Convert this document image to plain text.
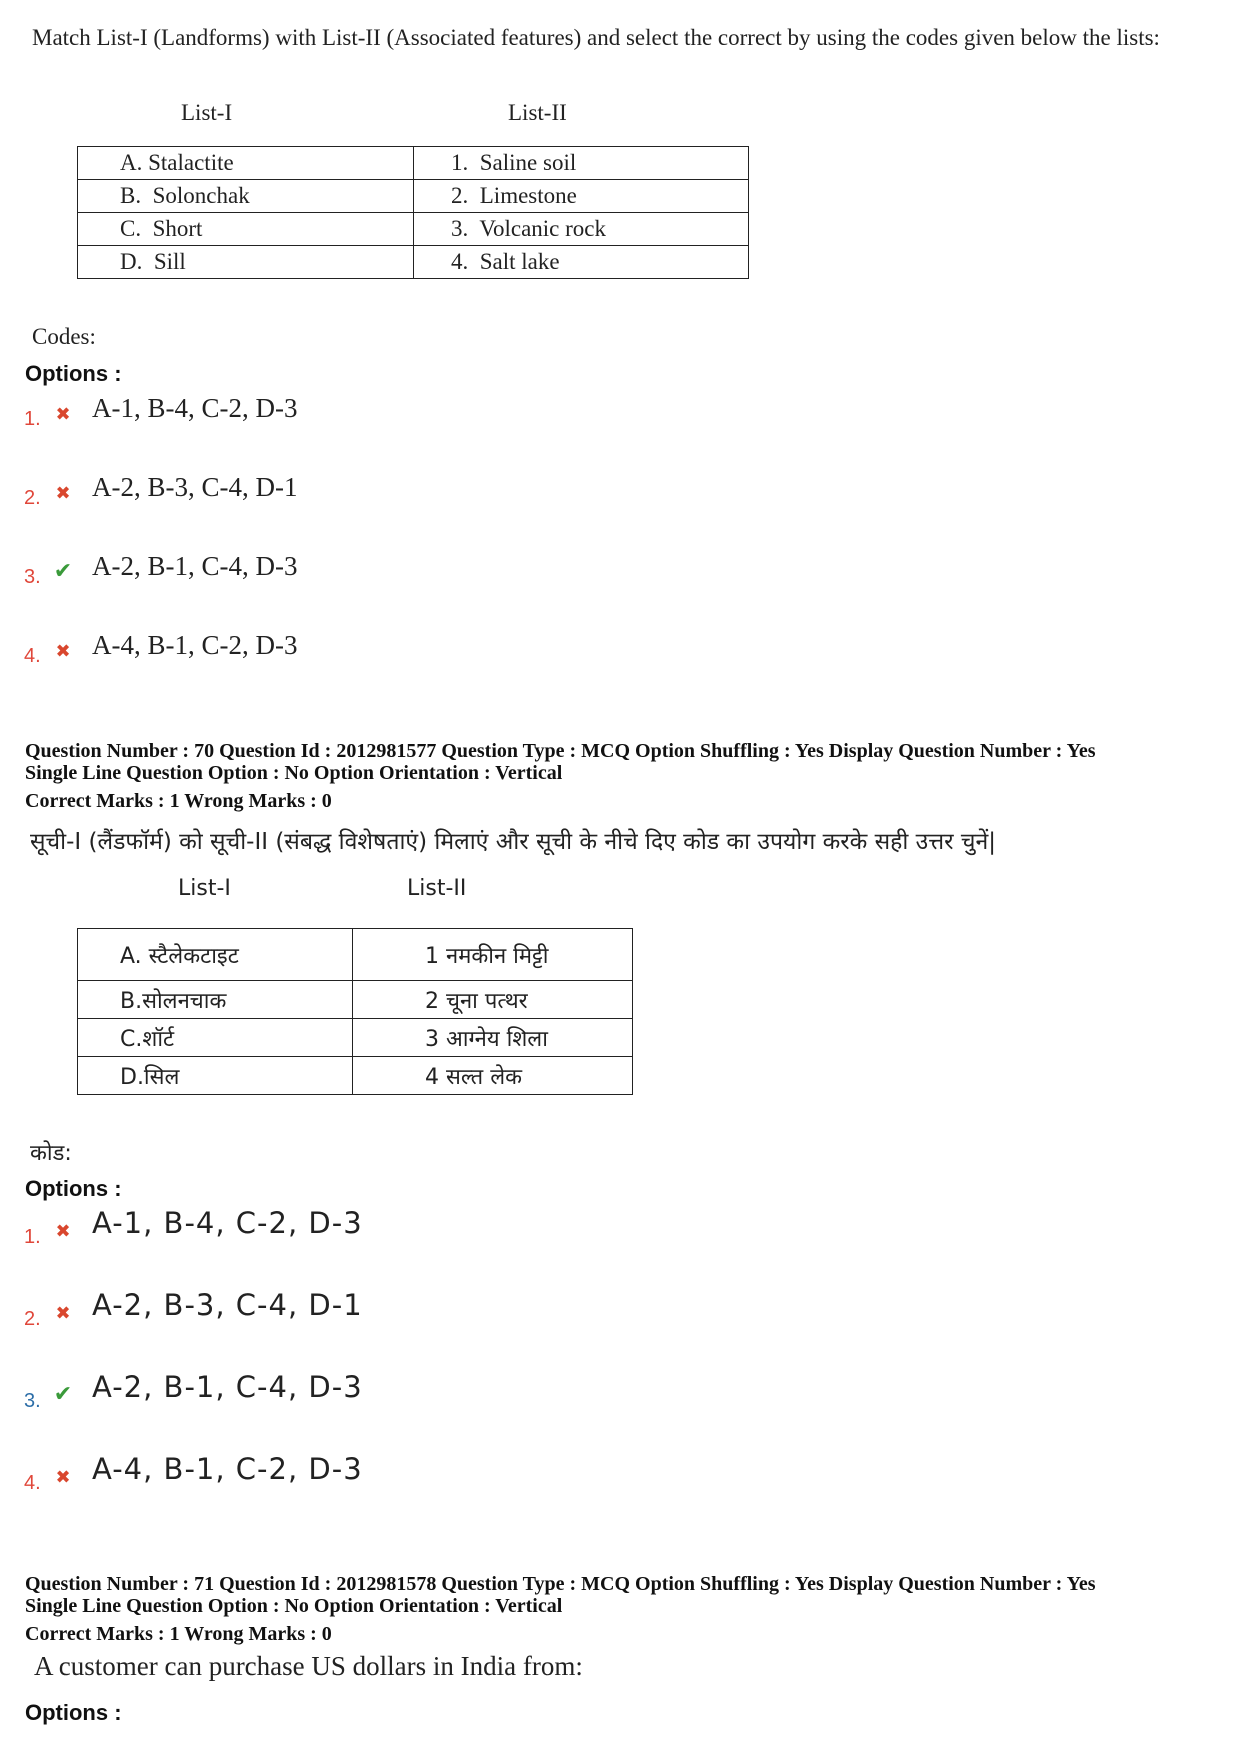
Match List-I (Landforms) with List-II (Associated features) and select the correct by using the codes given below the lists:
List-I	List-II
A. Stalactite	1.  Saline soil
B.  Solonchak	2.  Limestone
C.  Short	3.  Volcanic rock
D.  Sill	4.  Salt lake
Codes:
Options :
1. ✖ A-1, B-4, C-2, D-3
2. ✖ A-2, B-3, C-4, D-1
3. ✔ A-2, B-1, C-4, D-3
4. ✖ A-4, B-1, C-2, D-3
Question Number : 70 Question Id : 2012981577 Question Type : MCQ Option Shuffling : Yes Display Question Number : Yes
Single Line Question Option : No Option Orientation : Vertical
Correct Marks : 1 Wrong Marks : 0
सूची-I (लैंडफॉर्म) को सूची-II (संबद्ध विशेषताएं) मिलाएं और सूची के नीचे दिए कोड का उपयोग करके सही उत्तर चुनें|
List-I	List-II
A. स्टैलेकटाइट	1 नमकीन मिट्टी
B.सोलनचाक	2 चूना पत्थर
C.शॉर्ट	3 आग्नेय शिला
D.सिल	4 सल्त लेक
कोड:
Options :
1. ✖ A-1, B-4, C-2, D-3
2. ✖ A-2, B-3, C-4, D-1
3. ✔ A-2, B-1, C-4, D-3
4. ✖ A-4, B-1, C-2, D-3
Question Number : 71 Question Id : 2012981578 Question Type : MCQ Option Shuffling : Yes Display Question Number : Yes
Single Line Question Option : No Option Orientation : Vertical
Correct Marks : 1 Wrong Marks : 0
A customer can purchase US dollars in India from:
Options :
